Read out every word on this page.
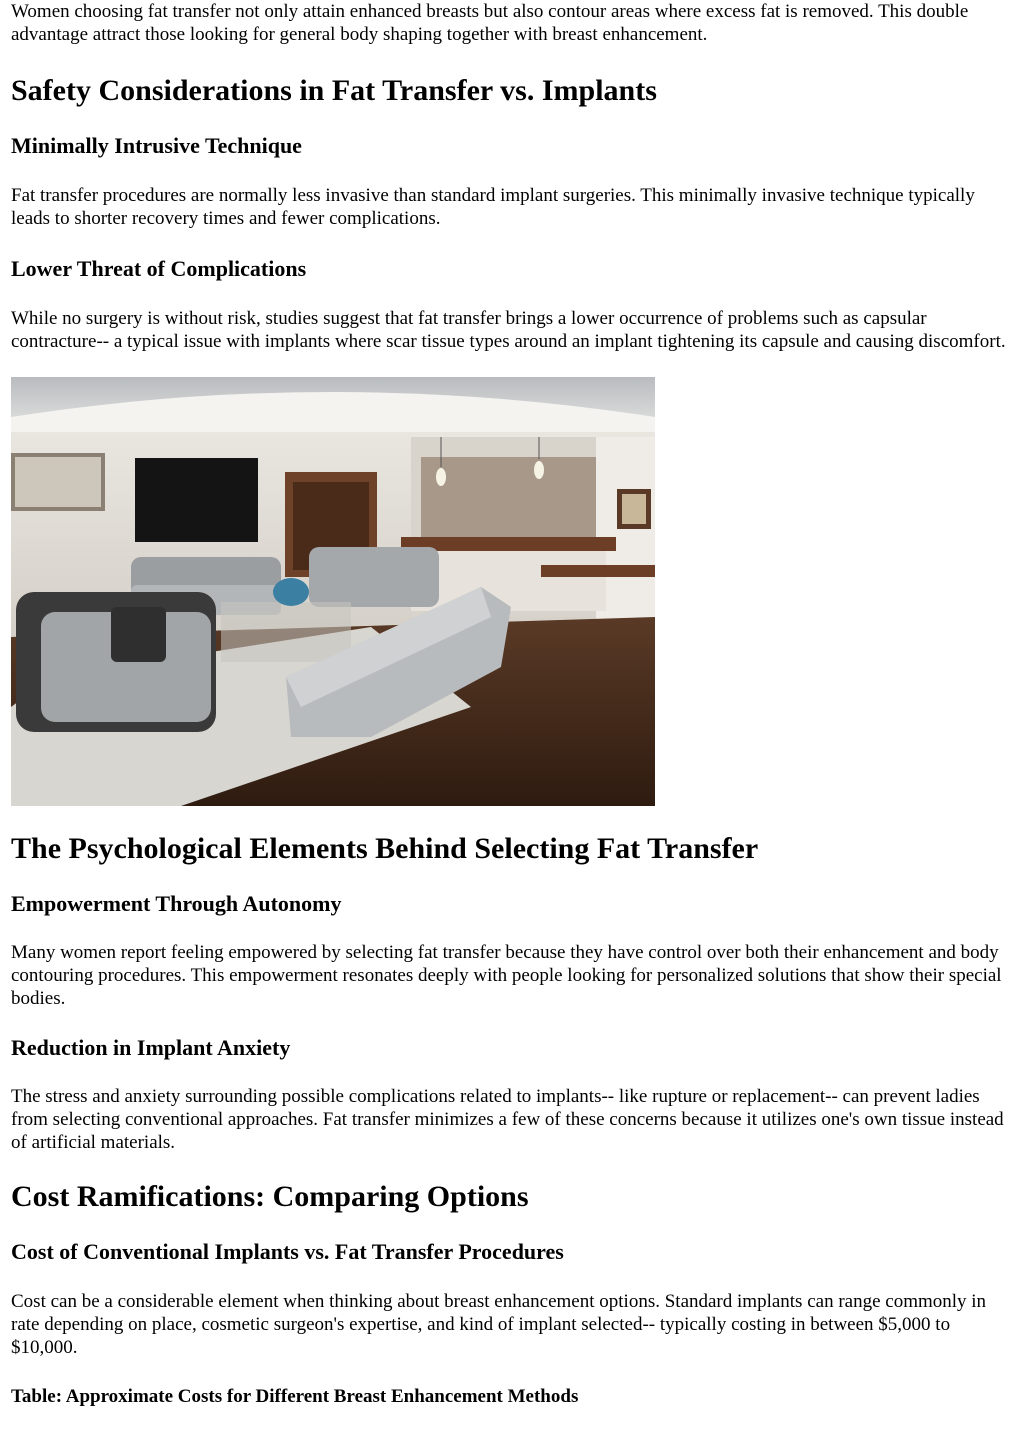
Women choosing fat transfer not only attain enhanced breasts but also contour areas where excess fat is removed. This double advantage attract those looking for general body shaping together with breast enhancement.

Safety Considerations in Fat Transfer vs. Implants
Minimally Intrusive Technique

Fat transfer procedures are normally less invasive than standard implant surgeries. This minimally invasive technique typically leads to shorter recovery times and fewer complications.

Lower Threat of Complications

While no surgery is without risk, studies suggest that fat transfer brings a lower occurrence of problems such as capsular contracture-- a typical issue with implants where scar tissue types around an implant tightening its capsule and causing discomfort.

The Psychological Elements Behind Selecting Fat Transfer
Empowerment Through Autonomy

Many women report feeling empowered by selecting fat transfer because they have control over both their enhancement and body contouring procedures. This empowerment resonates deeply with people looking for personalized solutions that show their special bodies.

Reduction in Implant Anxiety

The stress and anxiety surrounding possible complications related to implants-- like rupture or replacement-- can prevent ladies from selecting conventional approaches. Fat transfer minimizes a few of these concerns because it utilizes one's own tissue instead of artificial materials.

Cost Ramifications: Comparing Options
Cost of Conventional Implants vs. Fat Transfer Procedures

Cost can be a considerable element when thinking about breast enhancement options. Standard implants can range commonly in rate depending on place, cosmetic surgeon's expertise, and kind of implant selected-- typically costing in between $5,000 to $10,000.

Table: Approximate Costs for Different Breast Enhancement Methods
